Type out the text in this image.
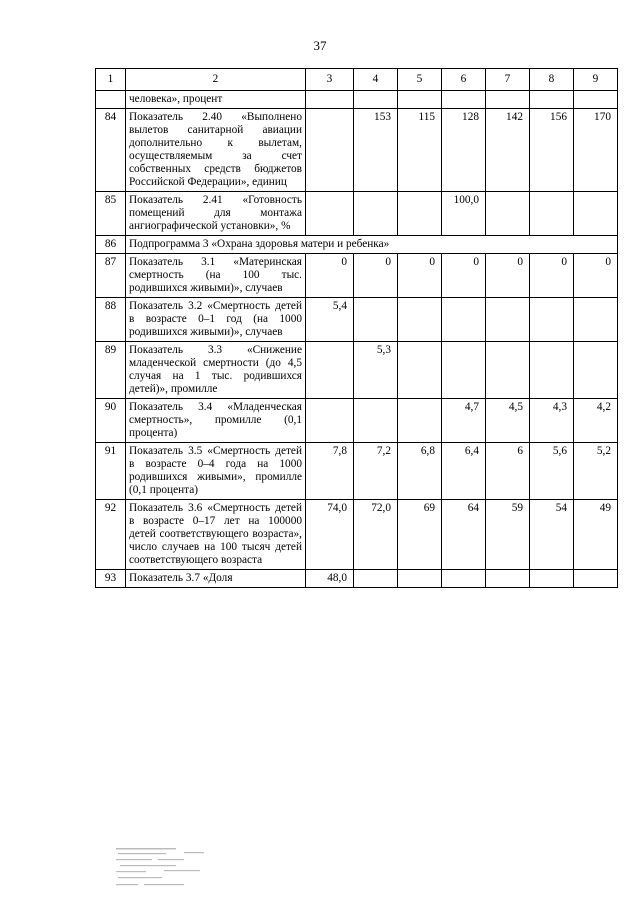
37
1	2	3	4	5	6	7	8	9
	человека», процент							
84	Показатель 2.40 «Выполнено вылетов санитарной авиации дополнительно к вылетам, осуществляемым за счет собственных средств бюджетов Российской Федерации», единиц		153	115	128	142	156	170
85	Показатель 2.41 «Готовность помещений для монтажа ангиографической установки», %				100,0			
86	Подпрограмма 3 «Охрана здоровья матери и ребенка»							
87	Показатель 3.1 «Материнская смертность (на 100 тыс. родившихся живыми)», случаев	0	0	0	0	0	0	0
88	Показатель 3.2 «Смертность детей в возрасте 0–1 год (на 1000 родившихся живыми)», случаев	5,4						
89	Показатель 3.3 «Снижение младенческой смертности (до 4,5 случая на 1 тыс. родившихся детей)», промилле		5,3					
90	Показатель 3.4 «Младенческая смертность», промилле (0,1 процента)				4,7	4,5	4,3	4,2
91	Показатель 3.5 «Смертность детей в возрасте 0–4 года на 1000 родившихся живыми», промилле (0,1 процента)	7,8	7,2	6,8	6,4	6	5,6	5,2
92	Показатель 3.6 «Смертность детей в возрасте 0–17 лет на 100000 детей соответствующего возраста», число случаев на 100 тысяч детей соответствующего возраста	74,0	72,0	69	64	59	54	49
93	Показатель 3.7 «Доля	48,0						
